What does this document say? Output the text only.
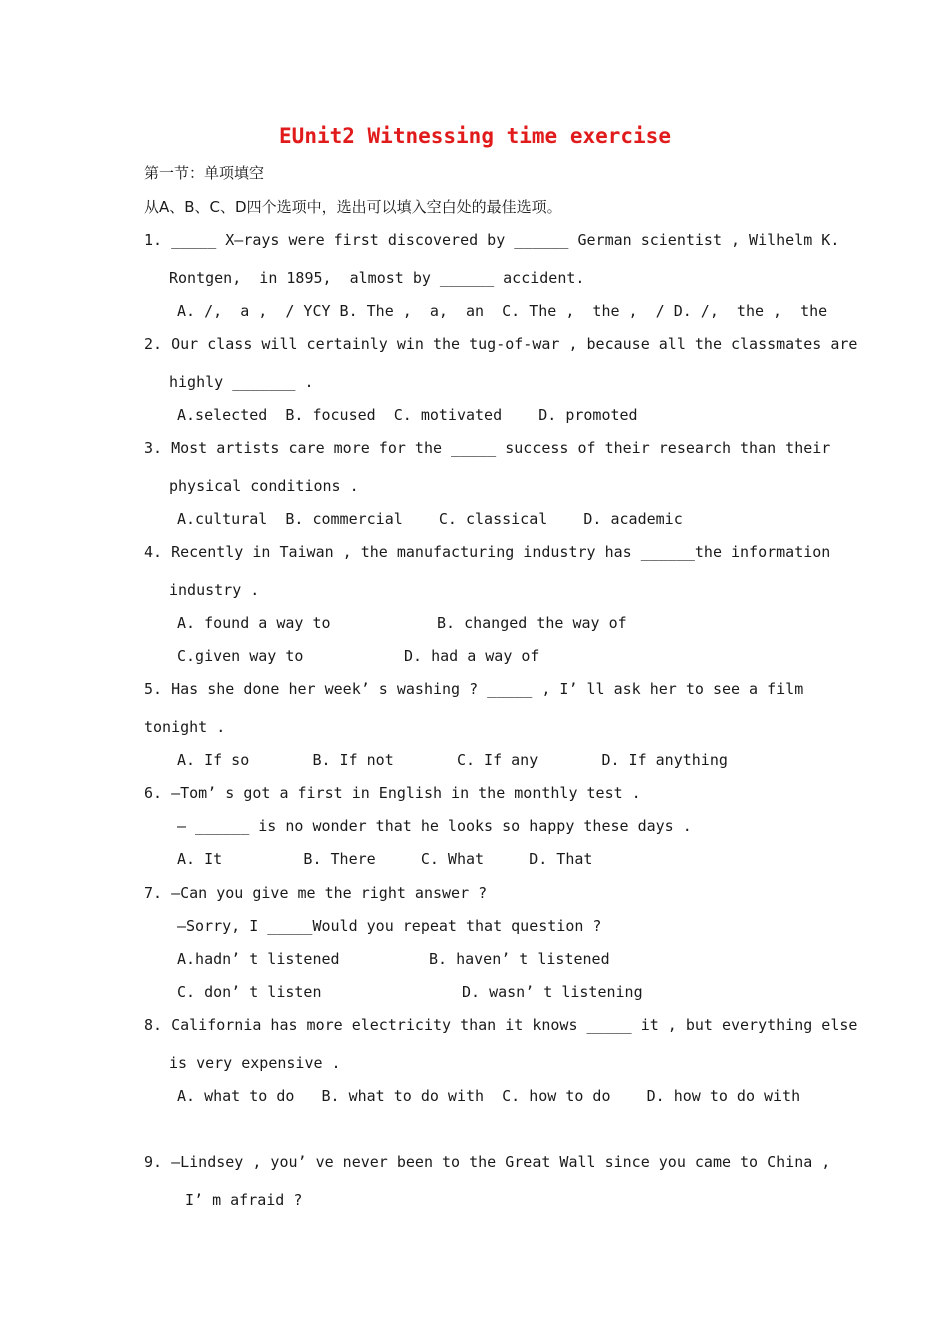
EUnit2 Witnessing time exercise
第一节：单项填空
从A、B、C、D四个选项中，选出可以填入空白处的最佳选项。
1. _____ X—rays were first discovered by ______ German scientist , Wilhelm K.
Rontgen,  in 1895,  almost by ______ accident.
A. /,  a ,  / YCY B. The ,  a,  an  C. The ,  the ,  / D. /,  the ,  the
2. Our class will certainly win the tug-of-war , because all the classmates are
highly _______ .
A.selected  B. focused  C. motivated    D. promoted
3. Most artists care more for the _____ success of their research than their
physical conditions .
A.cultural  B. commercial    C. classical    D. academic
4. Recently in Taiwan , the manufacturing industry has ______the information
industry .
A. found a way to	B. changed the way of
C.given way to	D. had a way of
5. Has she done her week’ s washing ? _____ , I’ ll ask her to see a film
tonight .
A. If so       B. If not       C. If any       D. If anything
6. —Tom’ s got a first in English in the monthly test .
— ______ is no wonder that he looks so happy these days .
A. It         B. There     C. What     D. That
7. —Can you give me the right answer ?
—Sorry, I _____Would you repeat that question ?
A.hadn’ t listened	B. haven’ t listened
C. don’ t listen	D. wasn’ t listening
8. California has more electricity than it knows _____ it , but everything else
is very expensive .
A. what to do   B. what to do with  C. how to do    D. how to do with
9. —Lindsey , you’ ve never been to the Great Wall since you came to China ,
I’ m afraid ?
